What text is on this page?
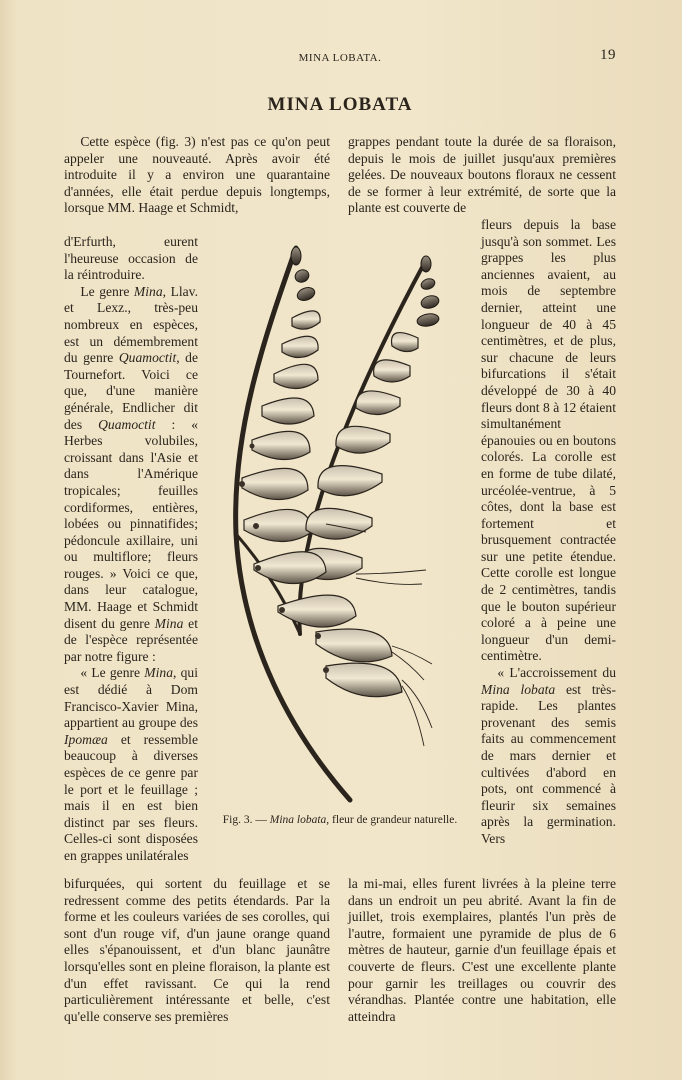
MINA LOBATA.	19
MINA LOBATA

Cette espèce (fig. 3) n'est pas ce qu'on peut appeler une nouveauté. Après avoir été introduite il y a environ une quarantaine d'années, elle était perdue depuis longtemps, lorsque MM. Haage et Schmidt,

d'Erfurth, eurent l'heureuse occasion de la réintroduire.

Le genre Mina, Llav. et Lexz., très-peu nombreux en espèces, est un démembrement du genre Quamoctit, de Tournefort. Voici ce que, d'une manière générale, Endlicher dit des Quamoctit : « Herbes volubiles, croissant dans l'Asie et dans l'Amérique tropicales; feuilles cordiformes, entières, lobées ou pinnatifides; pédoncule axillaire, uni ou multiflore; fleurs rouges. » Voici ce que, dans leur catalogue, MM. Haage et Schmidt disent du genre Mina et de l'espèce représentée par notre figure :

« Le genre Mina, qui est dédié à Dom Francisco-Xavier Mina, appartient au groupe des Ipomæa et ressemble beaucoup à diverses espèces de ce genre par le port et le feuillage ; mais il en est bien distinct par ses fleurs. Celles-ci sont disposées en grappes unilatérales

bifurquées, qui sortent du feuillage et se redressent comme des petits étendards. Par la forme et les couleurs variées de ses corolles, qui sont d'un rouge vif, d'un jaune orange quand elles s'épanouissent, et d'un blanc jaunâtre lorsqu'elles sont en pleine floraison, la plante est d'un effet ravissant. Ce qui la rend particulièrement intéressante et belle, c'est qu'elle conserve ses premières

grappes pendant toute la durée de sa floraison, depuis le mois de juillet jusqu'aux premières gelées. De nouveaux boutons floraux ne cessent de se former à leur extrémité, de sorte que la plante est couverte de

fleurs depuis la base jusqu'à son sommet. Les grappes les plus anciennes avaient, au mois de septembre dernier, atteint une longueur de 40 à 45 centimètres, et de plus, sur chacune de leurs bifurcations il s'était développé de 30 à 40 fleurs dont 8 à 12 étaient simultanément épanouies ou en boutons colorés. La corolle est en forme de tube dilaté, urcéolée-ventrue, à 5 côtes, dont la base est fortement et brusquement contractée sur une petite étendue. Cette corolle est longue de 2 centimètres, tandis que le bouton supérieur coloré a à peine une longueur d'un demi-centimètre.

« L'accroissement du Mina lobata est très-rapide. Les plantes provenant des semis faits au commencement de mars dernier et cultivées d'abord en pots, ont commencé à fleurir six semaines après la germination. Vers

la mi-mai, elles furent livrées à la pleine terre dans un endroit un peu abrité. Avant la fin de juillet, trois exemplaires, plantés l'un près de l'autre, formaient une pyramide de plus de 6 mètres de hauteur, garnie d'un feuillage épais et couverte de fleurs. C'est une excellente plante pour garnir les treillages ou couvrir des vérandhas. Plantée contre une habitation, elle atteindra

Fig. 3. — Mina lobata, fleur de grandeur naturelle.
